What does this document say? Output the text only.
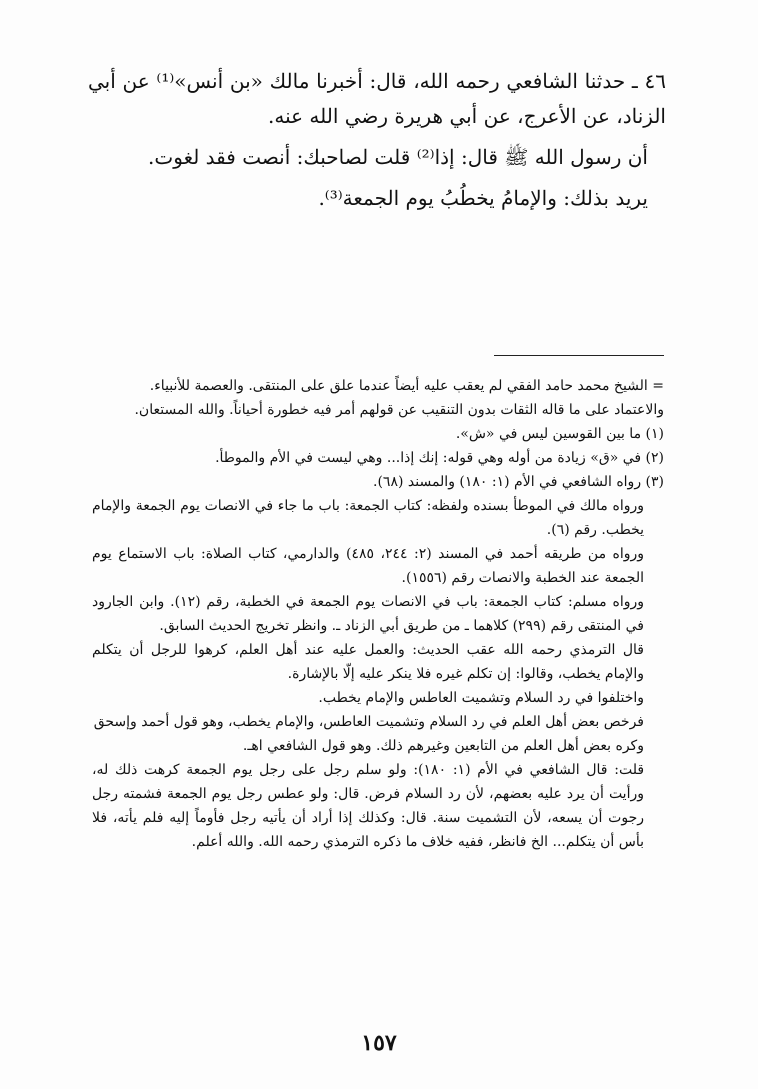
٤٦ ـ حدثنا الشافعي رحمه الله، قال: أخبرنا مالك «بن أنس»⁽¹⁾ عن أبي الزناد، عن الأعرج، عن أبي هريرة رضي الله عنه.

أن رسول الله ﷺ قال: إذا⁽²⁾ قلت لصاحبك: أنصت فقد لغوت.

يريد بذلك: والإمامُ يخطُبُ يوم الجمعة⁽³⁾.

= الشيخ محمد حامد الفقي لم يعقب عليه أيضاً عندما علق على المنتقى. والعصمة للأنبياء.
والاعتماد على ما قاله الثقات بدون التنقيب عن قولهم أمر فيه خطورة أحياناً. والله المستعان.
(١) ما بين القوسين ليس في «ش».
(٢) في «ق» زيادة من أوله وهي قوله: إنك إذا... وهي ليست في الأم والموطأ.
(٣) رواه الشافعي في الأم (١: ١٨٠) والمسند (٦٨).
ورواه مالك في الموطأ بسنده ولفظه: كتاب الجمعة: باب ما جاء في الانصات يوم الجمعة والإمام يخطب. رقم (٦).
ورواه من طريقه أحمد في المسند (٢: ٢٤٤، ٤٨٥) والدارمي، كتاب الصلاة: باب الاستماع يوم الجمعة عند الخطبة والانصات رقم (١٥٥٦).
ورواه مسلم: كتاب الجمعة: باب في الانصات يوم الجمعة في الخطبة، رقم (١٢). وابن الجارود في المنتقى رقم (٢٩٩) كلاهما ـ من طريق أبي الزناد ـ. وانظر تخريج الحديث السابق.
قال الترمذي رحمه الله عقب الحديث: والعمل عليه عند أهل العلم، كرهوا للرجل أن يتكلم والإمام يخطب، وقالوا: إن تكلم غيره فلا ينكر عليه إلّا بالإشارة.
واختلفوا في رد السلام وتشميت العاطس والإمام يخطب.
فرخص بعض أهل العلم في رد السلام وتشميت العاطس، والإمام يخطب، وهو قول أحمد وإسحق
وكره بعض أهل العلم من التابعين وغيرهم ذلك. وهو قول الشافعي اهـ.
قلت: قال الشافعي في الأم (١: ١٨٠): ولو سلم رجل على رجل يوم الجمعة كرهت ذلك له، ورأيت أن يرد عليه بعضهم، لأن رد السلام فرض. قال: ولو عطس رجل يوم الجمعة فشمته رجل رجوت أن يسعه، لأن التشميت سنة. قال: وكذلك إذا أراد أن يأتيه رجل فأوماً إليه فلم يأته، فلا بأس أن يتكلم... الخ فانظر، ففيه خلاف ما ذكره الترمذي رحمه الله. والله أعلم.
١٥٧
